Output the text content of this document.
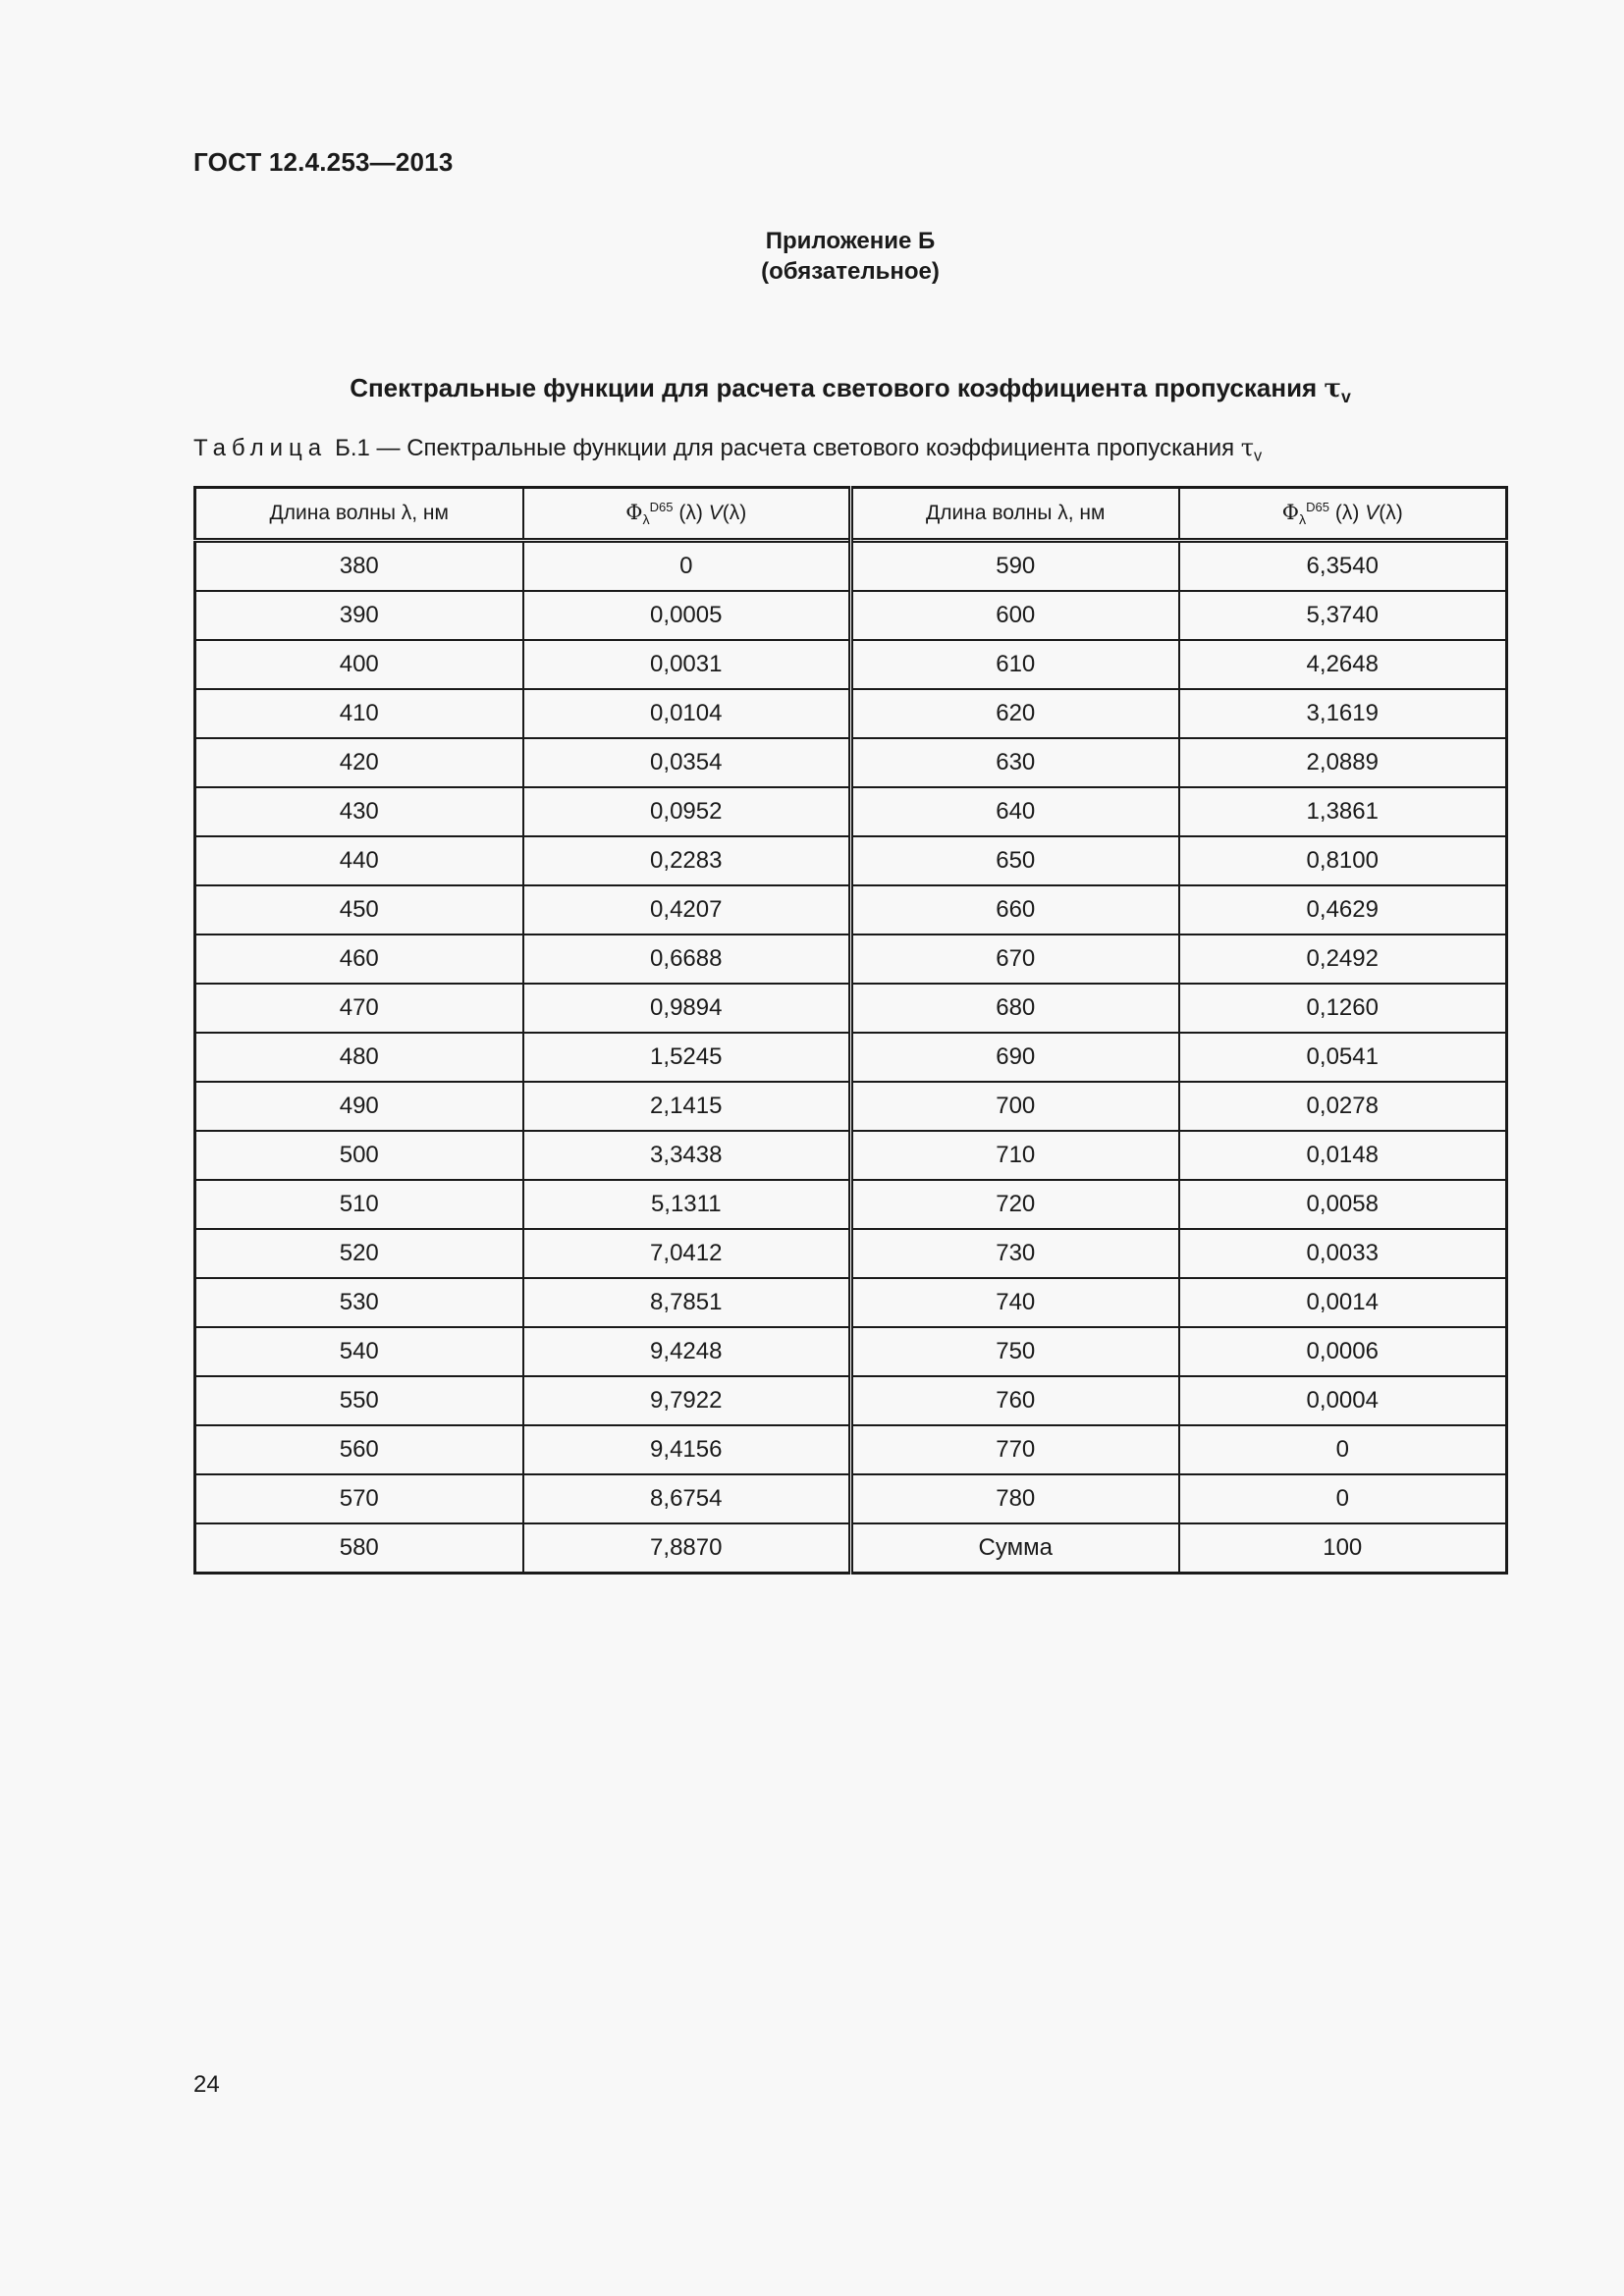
ГОСТ 12.4.253—2013
Приложение Б
(обязательное)
Спектральные функции для расчета светового коэффициента пропускания $\tau_v$
Таблица Б.1 — Спектральные функции для расчета светового коэффициента пропускания $\tau_v$
Длина волны λ, нм	$\Phi_\lambda^{D65}$ (λ) V(λ)	Длина волны λ, нм	$\Phi_\lambda^{D65}$ (λ) V(λ)
380	0	590	6,3540
390	0,0005	600	5,3740
400	0,0031	610	4,2648
410	0,0104	620	3,1619
420	0,0354	630	2,0889
430	0,0952	640	1,3861
440	0,2283	650	0,8100
450	0,4207	660	0,4629
460	0,6688	670	0,2492
470	0,9894	680	0,1260
480	1,5245	690	0,0541
490	2,1415	700	0,0278
500	3,3438	710	0,0148
510	5,1311	720	0,0058
520	7,0412	730	0,0033
530	8,7851	740	0,0014
540	9,4248	750	0,0006
550	9,7922	760	0,0004
560	9,4156	770	0
570	8,6754	780	0
580	7,8870	Сумма	100
24
